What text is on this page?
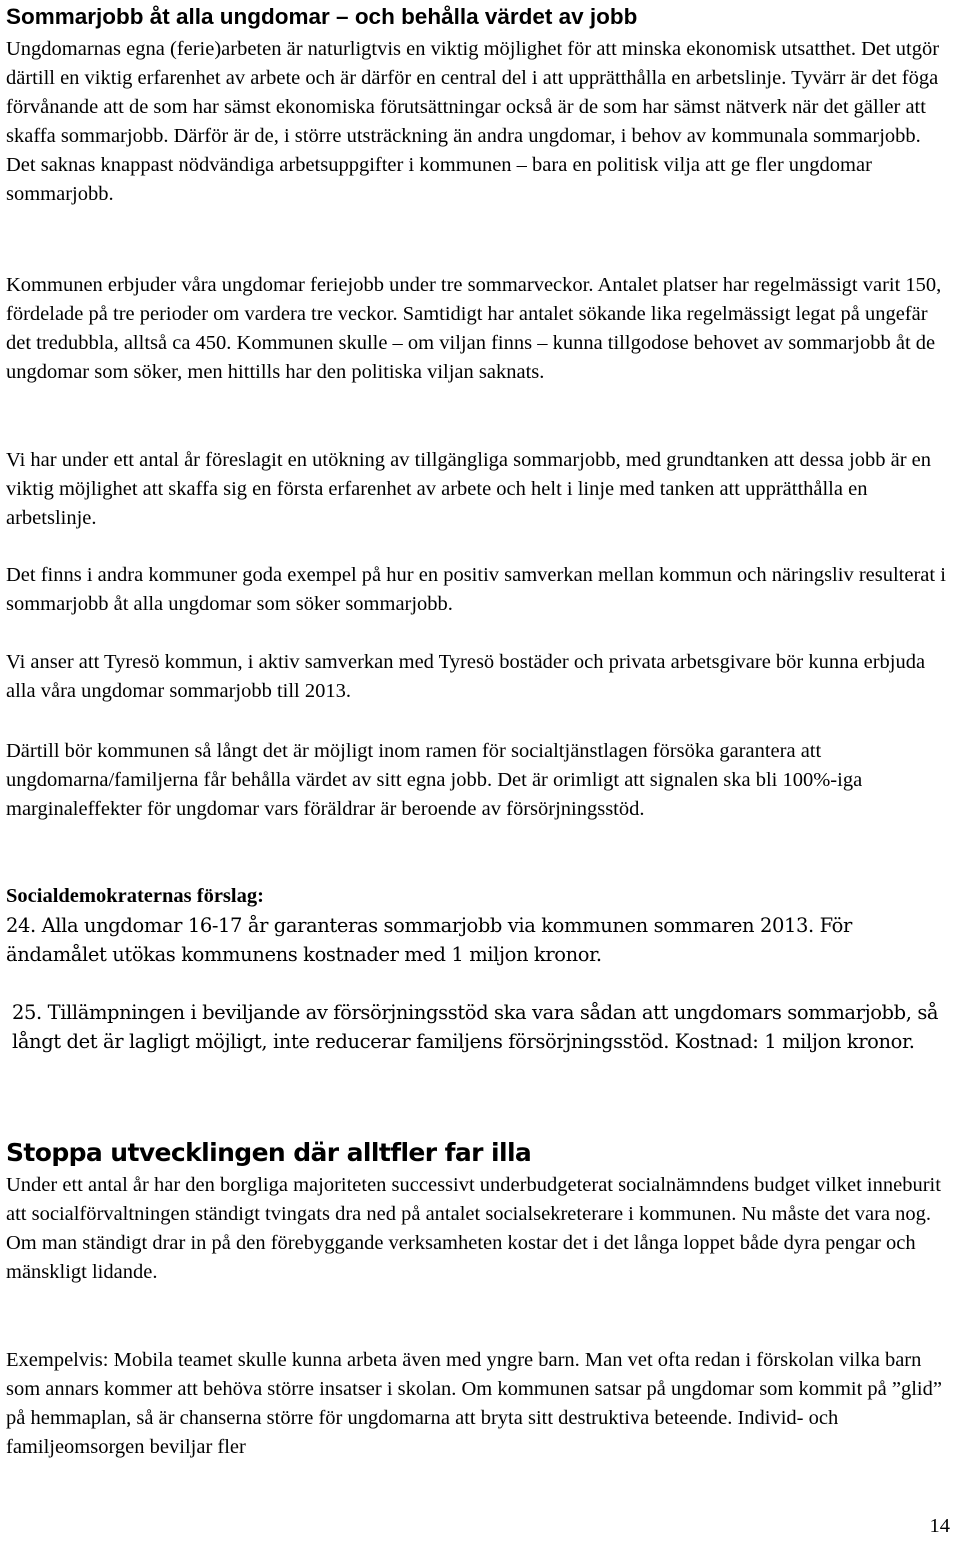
Sommarjobb åt alla ungdomar – och behålla värdet av jobb

Ungdomarnas egna (ferie)arbeten är naturligtvis en viktig möjlighet för att minska ekonomisk utsatthet. Det utgör därtill en viktig erfarenhet av arbete och är därför en central del i att upprätthålla en arbetslinje. Tyvärr är det föga förvånande att de som har sämst ekonomiska förutsättningar också är de som har sämst nätverk när det gäller att skaffa sommarjobb. Därför är de, i större utsträckning än andra ungdomar, i behov av kommunala sommarjobb. Det saknas knappast nödvändiga arbetsuppgifter i kommunen – bara en politisk vilja att ge fler ungdomar sommarjobb.

Kommunen erbjuder våra ungdomar feriejobb under tre sommarveckor. Antalet platser har regelmässigt varit 150, fördelade på tre perioder om vardera tre veckor. Samtidigt har antalet sökande lika regelmässigt legat på ungefär det tredubbla, alltså ca 450. Kommunen skulle – om viljan finns – kunna tillgodose behovet av sommarjobb åt de ungdomar som söker, men hittills har den politiska viljan saknats.

Vi har under ett antal år föreslagit en utökning av tillgängliga sommarjobb, med grundtanken att dessa jobb är en viktig möjlighet att skaffa sig en första erfarenhet av arbete och helt i linje med tanken att upprätthålla en arbetslinje.

Det finns i andra kommuner goda exempel på hur en positiv samverkan mellan kommun och näringsliv resulterat i sommarjobb åt alla ungdomar som söker sommarjobb.

Vi anser att Tyresö kommun, i aktiv samverkan med Tyresö bostäder och privata arbetsgivare bör kunna erbjuda alla våra ungdomar sommarjobb till 2013.

Därtill bör kommunen så långt det är möjligt inom ramen för socialtjänstlagen försöka garantera att ungdomarna/familjerna får behålla värdet av sitt egna jobb. Det är orimligt att signalen ska bli 100%-iga marginaleffekter för ungdomar vars föräldrar är beroende av försörjningsstöd.

Socialdemokraternas förslag:

24. Alla ungdomar 16-17 år garanteras sommarjobb via kommunen sommaren 2013. För ändamålet utökas kommunens kostnader med 1 miljon kronor.

25. Tillämpningen i beviljande av försörjningsstöd ska vara sådan att ungdomars sommarjobb, så långt det är lagligt möjligt, inte reducerar familjens försörjningsstöd. Kostnad: 1 miljon kronor.

Stoppa utvecklingen där alltfler far illa

Under ett antal år har den borgliga majoriteten successivt underbudgeterat socialnämndens budget vilket inneburit att socialförvaltningen ständigt tvingats dra ned på antalet socialsekreterare i kommunen. Nu måste det vara nog. Om man ständigt drar in på den förebyggande verksamheten kostar det i det långa loppet både dyra pengar och mänskligt lidande.

Exempelvis: Mobila teamet skulle kunna arbeta även med yngre barn. Man vet ofta redan i förskolan vilka barn som annars kommer att behöva större insatser i skolan. Om kommunen satsar på ungdomar som kommit på ”glid” på hemmaplan, så är chanserna större för ungdomarna att bryta sitt destruktiva beteende. Individ- och familjeomsorgen beviljar fler

14
